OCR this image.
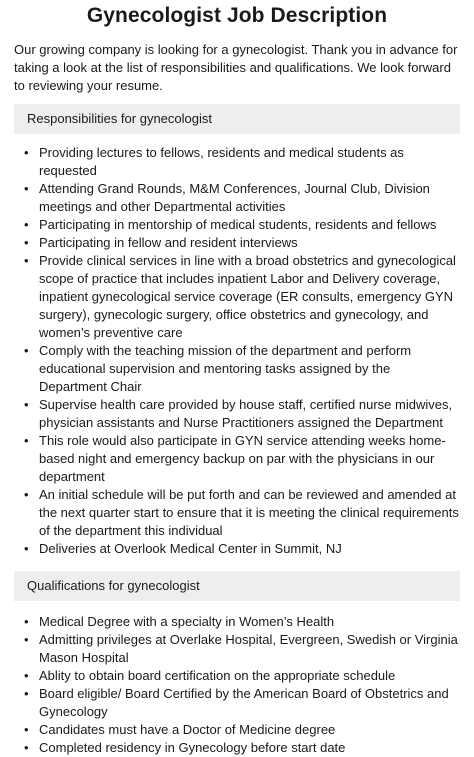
Gynecologist Job Description

Our growing company is looking for a gynecologist. Thank you in advance for taking a look at the list of responsibilities and qualifications. We look forward to reviewing your resume.

Responsibilities for gynecologist
• Providing lectures to fellows, residents and medical students as requested
• Attending Grand Rounds, M&M Conferences, Journal Club, Division meetings and other Departmental activities
• Participating in mentorship of medical students, residents and fellows
• Participating in fellow and resident interviews
• Provide clinical services in line with a broad obstetrics and gynecological scope of practice that includes inpatient Labor and Delivery coverage, inpatient gynecological service coverage (ER consults, emergency GYN surgery), gynecologic surgery, office obstetrics and gynecology, and women’s preventive care
• Comply with the teaching mission of the department and perform educational supervision and mentoring tasks assigned by the Department Chair
• Supervise health care provided by house staff, certified nurse midwives, physician assistants and Nurse Practitioners assigned the Department
• This role would also participate in GYN service attending weeks home-based night and emergency backup on par with the physicians in our department
• An initial schedule will be put forth and can be reviewed and amended at the next quarter start to ensure that it is meeting the clinical requirements of the department this individual
• Deliveries at Overlook Medical Center in Summit, NJ
Qualifications for gynecologist
• Medical Degree with a specialty in Women’s Health
• Admitting privileges at Overlake Hospital, Evergreen, Swedish or Virginia Mason Hospital
• Ablity to obtain board certification on the appropriate schedule
• Board eligible/ Board Certified by the American Board of Obstetrics and Gynecology
• Candidates must have a Doctor of Medicine degree
• Completed residency in Gynecology before start date
